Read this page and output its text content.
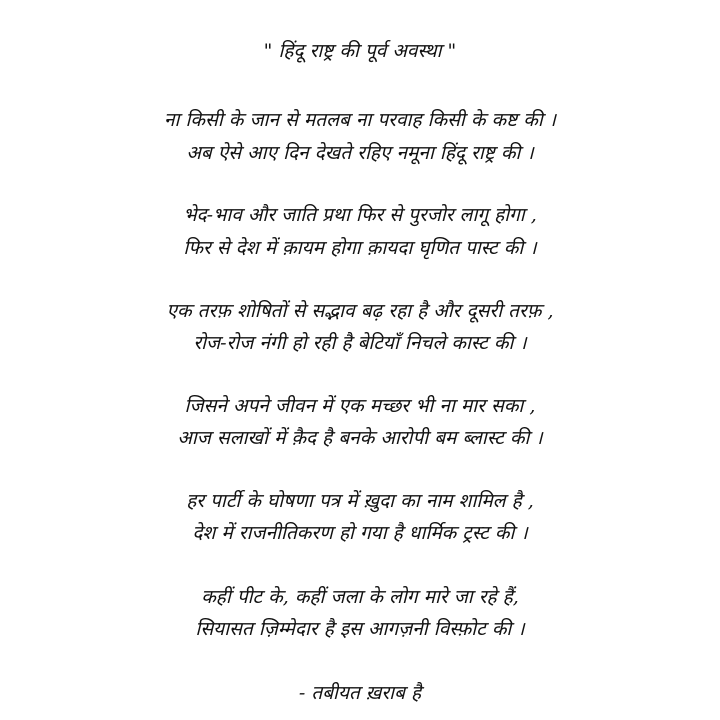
" हिंदू राष्ट्र की पूर्व अवस्था "
ना किसी के जान से मतलब ना परवाह किसी के कष्ट की ।
अब ऐसे आए दिन देखते रहिए नमूना हिंदू राष्ट्र की ।
भेद-भाव और जाति प्रथा फिर से पुरजोर लागू होगा ,
फिर से देश में क़ायम होगा क़ायदा घृणित पास्ट की ।
एक तरफ़ शोषितों से सद्भाव बढ़ रहा है और दूसरी तरफ़ ,
रोज-रोज नंगी हो रही है बेटियाँ निचले कास्ट की ।
जिसने अपने जीवन में एक मच्छर भी ना मार सका ,
आज सलाखों में क़ैद है बनके आरोपी बम ब्लास्ट की ।
हर पार्टी के घोषणा पत्र में ख़ुदा का नाम शामिल है ,
देश में राजनीतिकरण हो गया है धार्मिक ट्रस्ट की ।
कहीं पीट के, कहीं जला के लोग मारे जा रहे हैं,
सियासत ज़िम्मेदार है इस आगज़नी विस्फ़ोट की ।
- तबीयत ख़राब है
